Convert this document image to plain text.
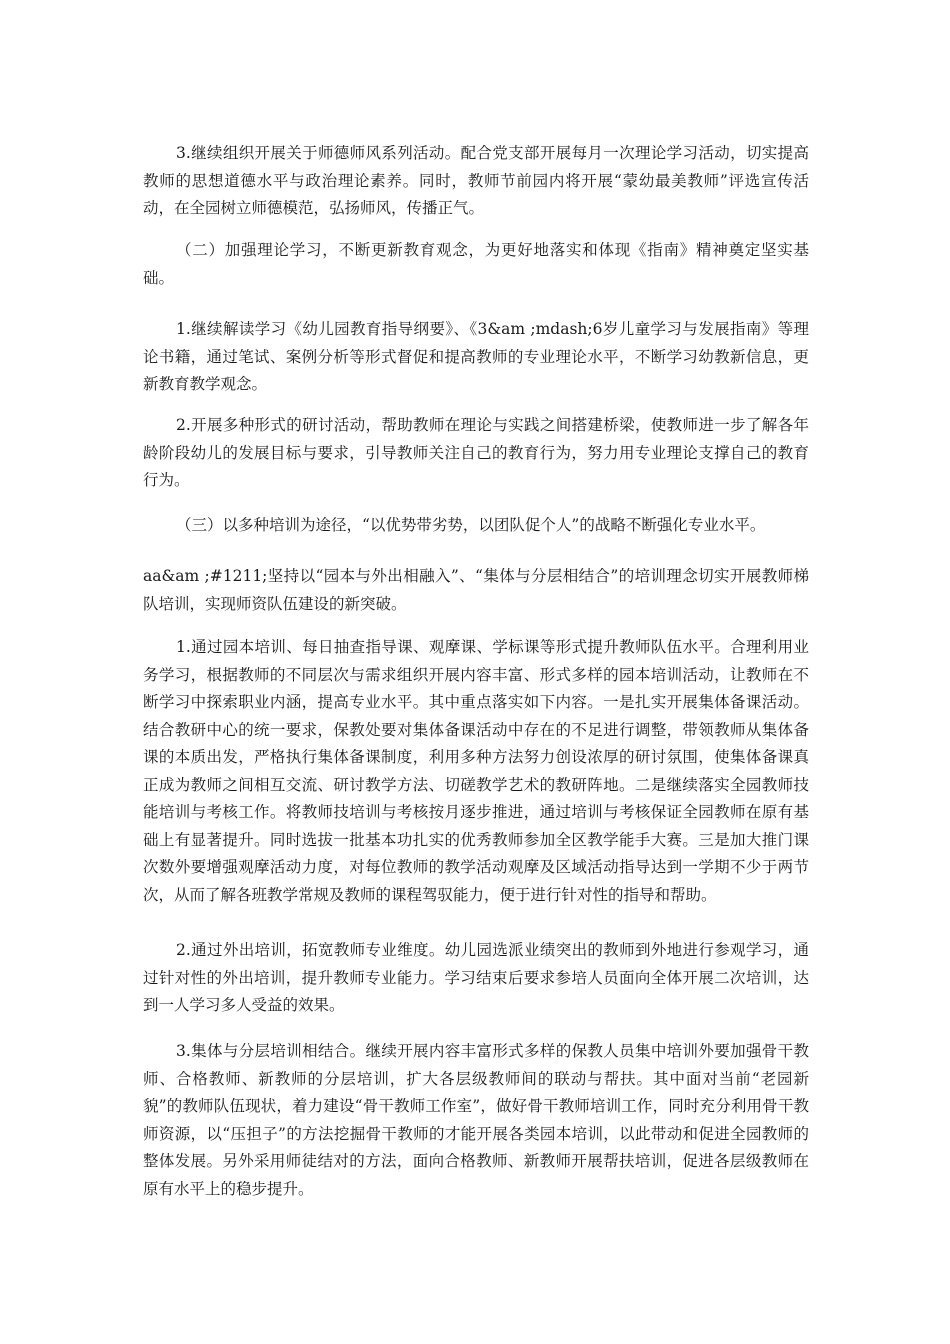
3.继续组织开展关于师德师风系列活动。配合党支部开展每月一次理论学习活动，切实提高教师的思想道德水平与政治理论素养。同时，教师节前园内将开展“蒙幼最美教师”评选宣传活动，在全园树立师德模范，弘扬师风，传播正气。

（二）加强理论学习，不断更新教育观念，为更好地落实和体现《指南》精神奠定坚实基础。

1.继续解读学习《幼儿园教育指导纲要》、《3&am ;mdash;6岁儿童学习与发展指南》等理论书籍，通过笔试、案例分析等形式督促和提高教师的专业理论水平，不断学习幼教新信息，更新教育教学观念。

2.开展多种形式的研讨活动，帮助教师在理论与实践之间搭建桥梁，使教师进一步了解各年龄阶段幼儿的发展目标与要求，引导教师关注自己的教育行为，努力用专业理论支撑自己的教育行为。

（三）以多种培训为途径，“以优势带劣势，以团队促个人”的战略不断强化专业水平。

aa&am ;#1211;坚持以“园本与外出相融入”、“集体与分层相结合”的培训理念切实开展教师梯队培训，实现师资队伍建设的新突破。

1.通过园本培训、每日抽查指导课、观摩课、学标课等形式提升教师队伍水平。合理利用业务学习，根据教师的不同层次与需求组织开展内容丰富、形式多样的园本培训活动，让教师在不断学习中探索职业内涵，提高专业水平。其中重点落实如下内容。一是扎实开展集体备课活动。结合教研中心的统一要求，保教处要对集体备课活动中存在的不足进行调整，带领教师从集体备课的本质出发，严格执行集体备课制度，利用多种方法努力创设浓厚的研讨氛围，使集体备课真正成为教师之间相互交流、研讨教学方法、切磋教学艺术的教研阵地。二是继续落实全园教师技能培训与考核工作。将教师技培训与考核按月逐步推进，通过培训与考核保证全园教师在原有基础上有显著提升。同时选拔一批基本功扎实的优秀教师参加全区教学能手大赛。三是加大推门课次数外要增强观摩活动力度，对每位教师的教学活动观摩及区域活动指导达到一学期不少于两节次，从而了解各班教学常规及教师的课程驾驭能力，便于进行针对性的指导和帮助。

2.通过外出培训，拓宽教师专业维度。幼儿园选派业绩突出的教师到外地进行参观学习，通过针对性的外出培训，提升教师专业能力。学习结束后要求参培人员面向全体开展二次培训，达到一人学习多人受益的效果。

3.集体与分层培训相结合。继续开展内容丰富形式多样的保教人员集中培训外要加强骨干教师、合格教师、新教师的分层培训，扩大各层级教师间的联动与帮扶。其中面对当前“老园新貌”的教师队伍现状，着力建设“骨干教师工作室”，做好骨干教师培训工作，同时充分利用骨干教师资源，以“压担子”的方法挖掘骨干教师的才能开展各类园本培训，以此带动和促进全园教师的整体发展。另外采用师徒结对的方法，面向合格教师、新教师开展帮扶培训，促进各层级教师在原有水平上的稳步提升。
